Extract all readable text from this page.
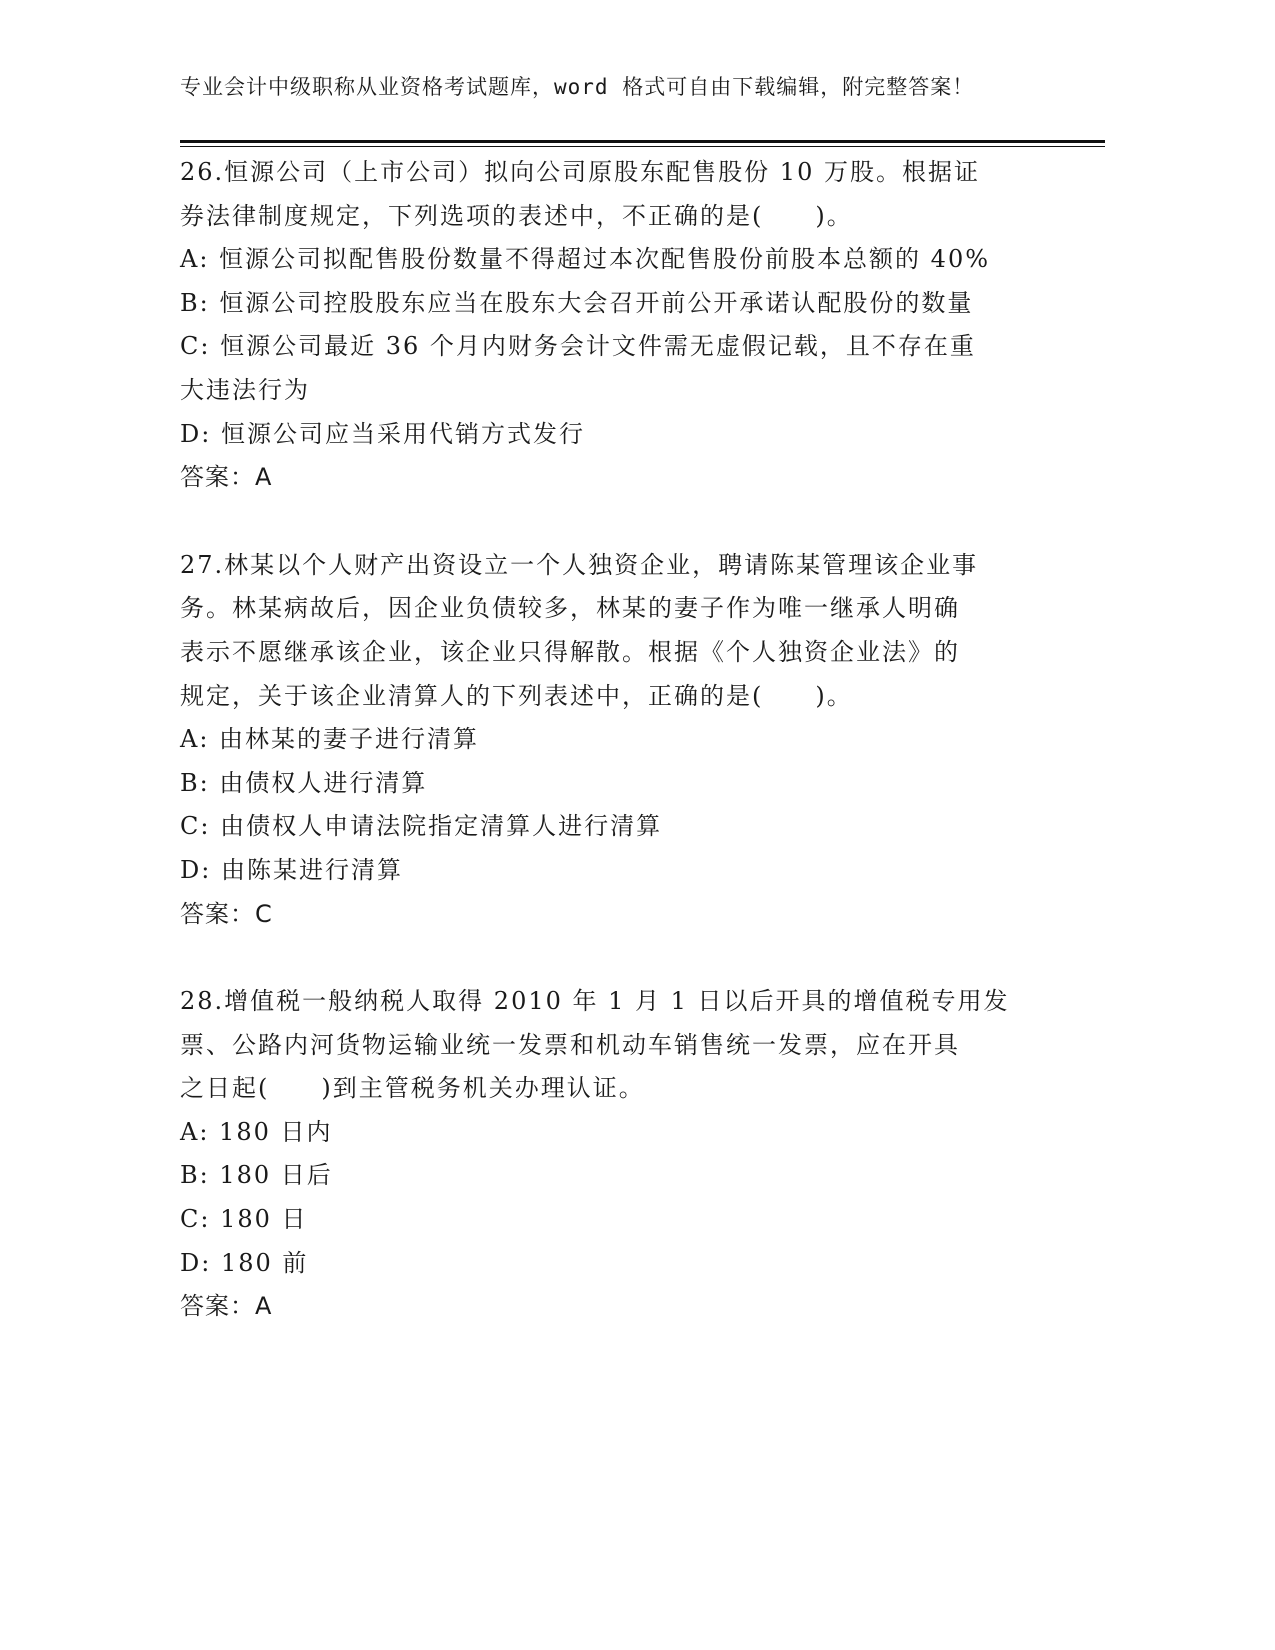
专业会计中级职称从业资格考试题库，word 格式可自由下载编辑，附完整答案！
26.恒源公司（上市公司）拟向公司原股东配售股份 10 万股。根据证
券法律制度规定，下列选项的表述中，不正确的是(　　)。
A: 恒源公司拟配售股份数量不得超过本次配售股份前股本总额的 40%
B: 恒源公司控股股东应当在股东大会召开前公开承诺认配股份的数量
C: 恒源公司最近 36 个月内财务会计文件需无虚假记载，且不存在重
大违法行为
D: 恒源公司应当采用代销方式发行
答案：A
27.林某以个人财产出资设立一个人独资企业，聘请陈某管理该企业事
务。林某病故后，因企业负债较多，林某的妻子作为唯一继承人明确
表示不愿继承该企业，该企业只得解散。根据《个人独资企业法》的
规定，关于该企业清算人的下列表述中，正确的是(　　)。
A: 由林某的妻子进行清算
B: 由债权人进行清算
C: 由债权人申请法院指定清算人进行清算
D: 由陈某进行清算
答案：C
28.增值税一般纳税人取得 2010 年 1 月 1 日以后开具的增值税专用发
票、公路内河货物运输业统一发票和机动车销售统一发票，应在开具
之日起(　　)到主管税务机关办理认证。
A: 180 日内
B: 180 日后
C: 180 日
D: 180 前
答案：A
